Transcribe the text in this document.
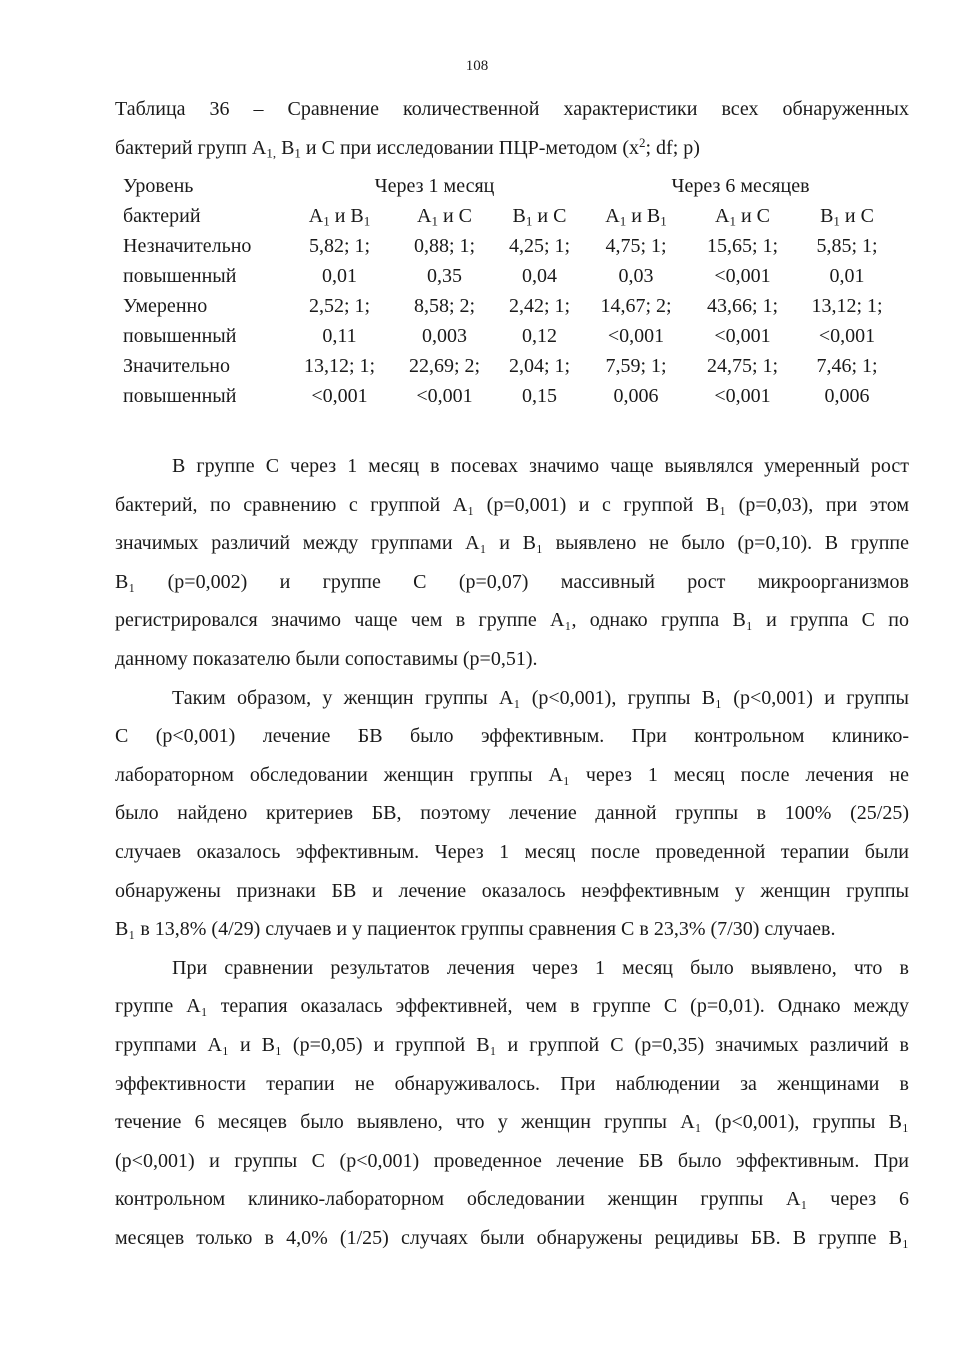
108
Таблица 36 – Сравнение количественной характеристики всех обнаруженных
бактерий групп $А_{1,}$ $В_1$ и С при исследовании ПЦР-методом ($х^2$; df; p)
Уровень	Через 1 месяц			Через 6 месяцев		
бактерий	$А_1$ и $В_1$	$А_1$ и С	$В_1$ и С	$А_1$ и $В_1$	$А_1$ и С	$В_1$ и С
Незначительно	5,82; 1;	0,88; 1;	4,25; 1;	4,75; 1;	15,65; 1;	5,85; 1;
повышенный	0,01	0,35	0,04	0,03	<0,001	0,01
Умеренно	2,52; 1;	8,58; 2;	2,42; 1;	14,67; 2;	43,66; 1;	13,12; 1;
повышенный	0,11	0,003	0,12	<0,001	<0,001	<0,001
Значительно	13,12; 1;	22,69; 2;	2,04; 1;	7,59; 1;	24,75; 1;	7,46; 1;
повышенный	<0,001	<0,001	0,15	0,006	<0,001	0,006
В группе С через 1 месяц в посевах значимо чаще выявлялся умеренный рост
бактерий, по сравнению с группой А₁ (p=0,001) и с группой В₁ (p=0,03), при этом
значимых различий между группами А₁ и В₁ выявлено не было (p=0,10). В группе
В₁ (p=0,002) и группе С (p=0,07) массивный рост микроорганизмов
регистрировался значимо чаще чем в группе А₁, однако группа В₁ и группа С по
данному показателю были сопоставимы (p=0,51).
Таким образом, у женщин группы А₁ (p<0,001), группы В₁ (p<0,001) и группы
С (p<0,001) лечение БВ было эффективным. При контрольном клинико-
лабораторном обследовании женщин группы А₁ через 1 месяц после лечения не
было найдено критериев БВ, поэтому лечение данной группы в 100% (25/25)
случаев оказалось эффективным. Через 1 месяц после проведенной терапии были
обнаружены признаки БВ и лечение оказалось неэффективным у женщин группы
В₁ в 13,8% (4/29) случаев и у пациенток группы сравнения С в 23,3% (7/30) случаев.
При сравнении результатов лечения через 1 месяц было выявлено, что в
группе А₁ терапия оказалась эффективней, чем в группе С (p=0,01). Однако между
группами А₁ и В₁ (p=0,05) и группой В₁ и группой С (p=0,35) значимых различий в
эффективности терапии не обнаруживалось. При наблюдении за женщинами в
течение 6 месяцев было выявлено, что у женщин группы А₁ (p<0,001), группы В₁
(p<0,001) и группы С (p<0,001) проведенное лечение БВ было эффективным. При
контрольном клинико-лабораторном обследовании женщин группы А₁ через 6
месяцев только в 4,0% (1/25) случаях были обнаружены рецидивы БВ. В группе В₁
